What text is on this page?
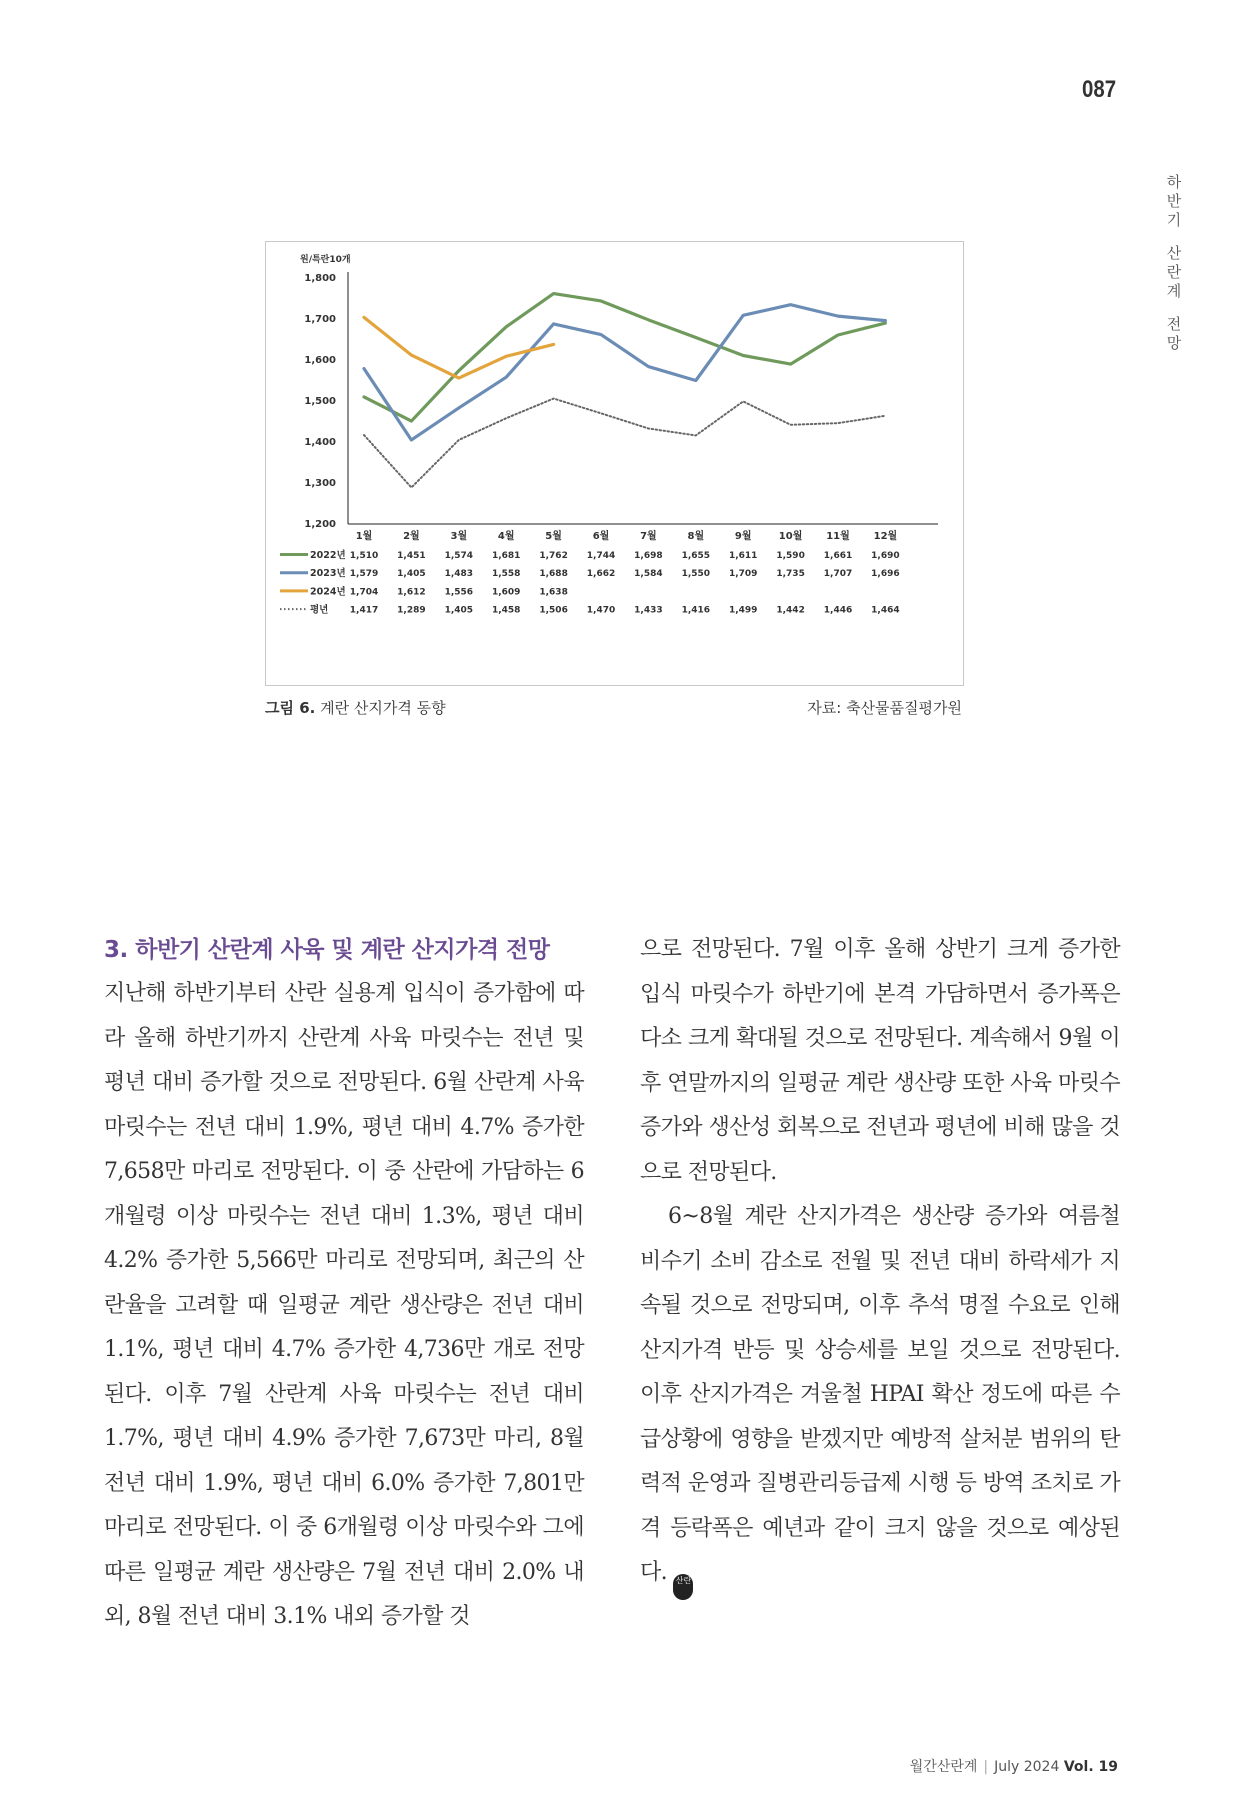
087
하
반
기
산
란
계
전
망
원/특란10개
1,800
1,700
1,600
1,500
1,400
1,300
1,200
1월	2월	3월	4월	5월	6월	7월	8월	9월	10월 11월 12월
2022년 1,510 1,451 1,574 1,681 1,762 1,744 1,698 1,655 1,611 1,590 1,661 1,690
2023년 1,579 1,405 1,483 1,558 1,688 1,662 1,584 1,550 1,709 1,735 1,707 1,696
2024년 1,704 1,612 1,556 1,609 1,638
평년 1,417 1,289 1,405 1,458 1,506 1,470 1,433 1,416 1,499 1,442 1,446 1,464
그림 6. 계란 산지가격 동향	자료: 축산물품질평가원
3. 하반기 산란계 사육 및 계란 산지가격 전망

지난해 하반기부터 산란 실용계 입식이 증가함에 따라 올해 하반기까지 산란계 사육 마릿수는 전년 및 평년 대비 증가할 것으로 전망된다. 6월 산란계 사육 마릿수는 전년 대비 1.9%, 평년 대비 4.7% 증가한 7,658만 마리로 전망된다. 이 중 산란에 가담하는 6개월령 이상 마릿수는 전년 대비 1.3%, 평년 대비 4.2% 증가한 5,566만 마리로 전망되며, 최근의 산란율을 고려할 때 일평균 계란 생산량은 전년 대비 1.1%, 평년 대비 4.7% 증가한 4,736만 개로 전망된다. 이후 7월 산란계 사육 마릿수는 전년 대비 1.7%, 평년 대비 4.9% 증가한 7,673만 마리, 8월 전년 대비 1.9%, 평년 대비 6.0% 증가한 7,801만 마리로 전망된다. 이 중 6개월령 이상 마릿수와 그에 따른 일평균 계란 생산량은 7월 전년 대비 2.0% 내외, 8월 전년 대비 3.1% 내외 증가할 것

으로 전망된다. 7월 이후 올해 상반기 크게 증가한 입식 마릿수가 하반기에 본격 가담하면서 증가폭은 다소 크게 확대될 것으로 전망된다. 계속해서 9월 이후 연말까지의 일평균 계란 생산량 또한 사육 마릿수 증가와 생산성 회복으로 전년과 평년에 비해 많을 것으로 전망된다.

6~8월 계란 산지가격은 생산량 증가와 여름철 비수기 소비 감소로 전월 및 전년 대비 하락세가 지속될 것으로 전망되며, 이후 추석 명절 수요로 인해 산지가격 반등 및 상승세를 보일 것으로 전망된다. 이후 산지가격은 겨울철 HPAI 확산 정도에 따른 수급상황에 영향을 받겠지만 예방적 살처분 범위의 탄력적 운영과 질병관리등급제 시행 등 방역 조치로 가격 등락폭은 예년과 같이 크지 않을 것으로 예상된다. 산란

월간산란계 | July 2024 Vol. 19
